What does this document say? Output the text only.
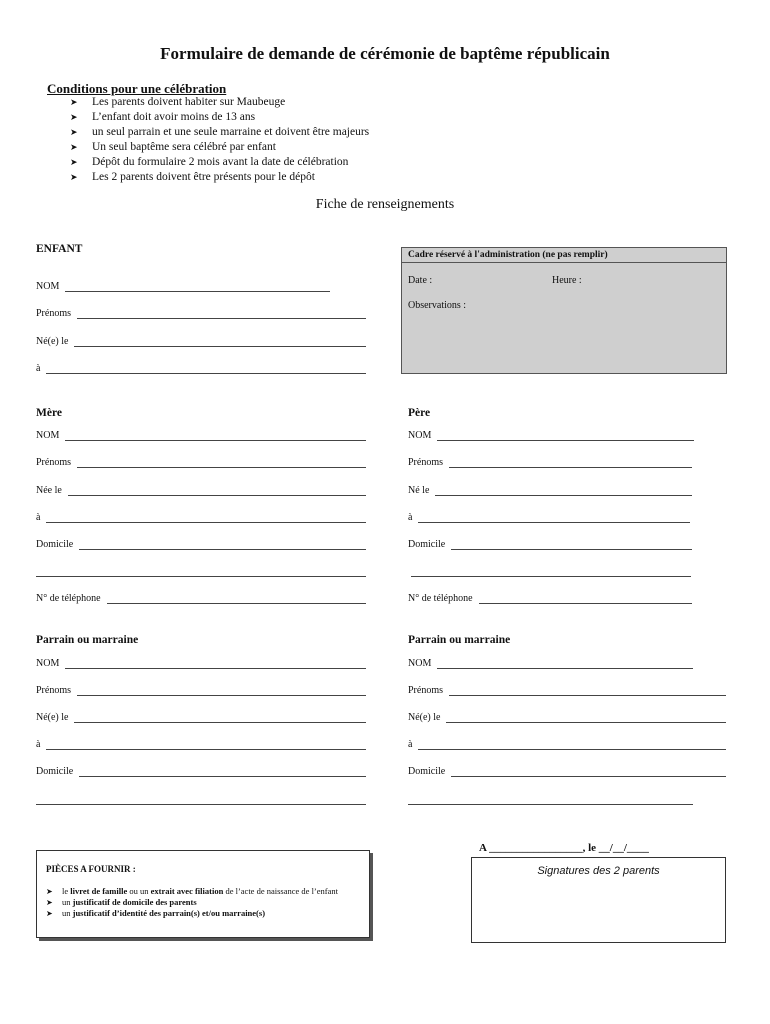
Formulaire de demande de cérémonie de baptême républicain
Conditions pour une célébration
➤ Les parents doivent habiter sur Maubeuge
➤ L’enfant doit avoir moins de 13 ans
➤ un seul parrain et une seule marraine et doivent être majeurs
➤ Un seul baptême sera célébré par enfant
➤ Dépôt du formulaire 2 mois avant la date de célébration
➤ Les 2 parents doivent être présents pour le dépôt
Fiche de renseignements
ENFANT
NOM
Prénoms
Né(e) le
à
Cadre réservé à l'administration (ne pas remplir)
Date :	Heure :
Observations :
Mère
NOM
Prénoms
Née le
à
Domicile
N° de téléphone
Père
NOM
Prénoms
Né le
à
Domicile
N° de téléphone
Parrain ou marraine
NOM
Prénoms
Né(e) le
à
Domicile
Parrain ou marraine
NOM
Prénoms
Né(e) le
à
Domicile
PIÈCES A FOURNIR :
➤ le livret de famille ou un extrait avec filiation de l’acte de naissance de l’enfant
➤ un justificatif de domicile des parents
➤ un justificatif d’identité des parrain(s) et/ou marraine(s)
A _________________, le __/__/____
Signatures des 2 parents
